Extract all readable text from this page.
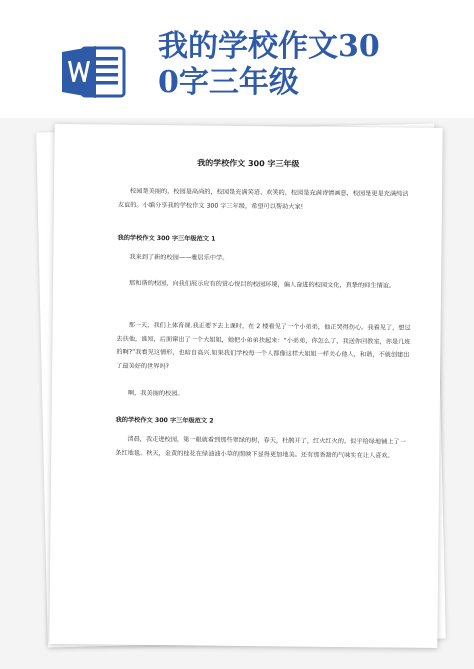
我的学校作文30
0字三年级
我的学校作文 300 字三年级
校园是美丽的，校园是高尚的，校园是充满笑语、欢笑的，校园是充满诗情画意，校园是更是充满纯洁友谊的。小编分享我的学校作文 300 字三年级，希望可以帮助大家!
我的学校作文 300 字三年级范文 1
我来到了新的校园——雅居乐中学。
那和谐的校园，向我们展示应有的赏心悦目的校园环境，偏人奋进的校园文化，真挚的师生情谊。
那一天，我们上体育课.我正要下去上课时，在 2 楼看见了一个小弟弟，他正哭得伤心。我看见了，想过去扶他，谁知，后面窜出了一个大姐姐，她把小弟弟扶起来：“小弟弟，你怎么了，我送你回教室，你是几班的啊?”我看见这情形，也暗自高兴.如果我们学校每一个人都像这样大姐姐一样关心他人，和谐，不就创建出了最美好的世界吗?
啊，我美丽的校园。
我的学校作文 300 字三年级范文 2
清晨，我走进校园，第一眼就看到那些翠绿的树，春天，杜鹃开了，红火红火的，似乎给绿地铺上了一条红地毯。秋天，金黄的桂花在绿油油小草的照映下显得更加地美。还有那香甜的气味实在让人喜欢。
